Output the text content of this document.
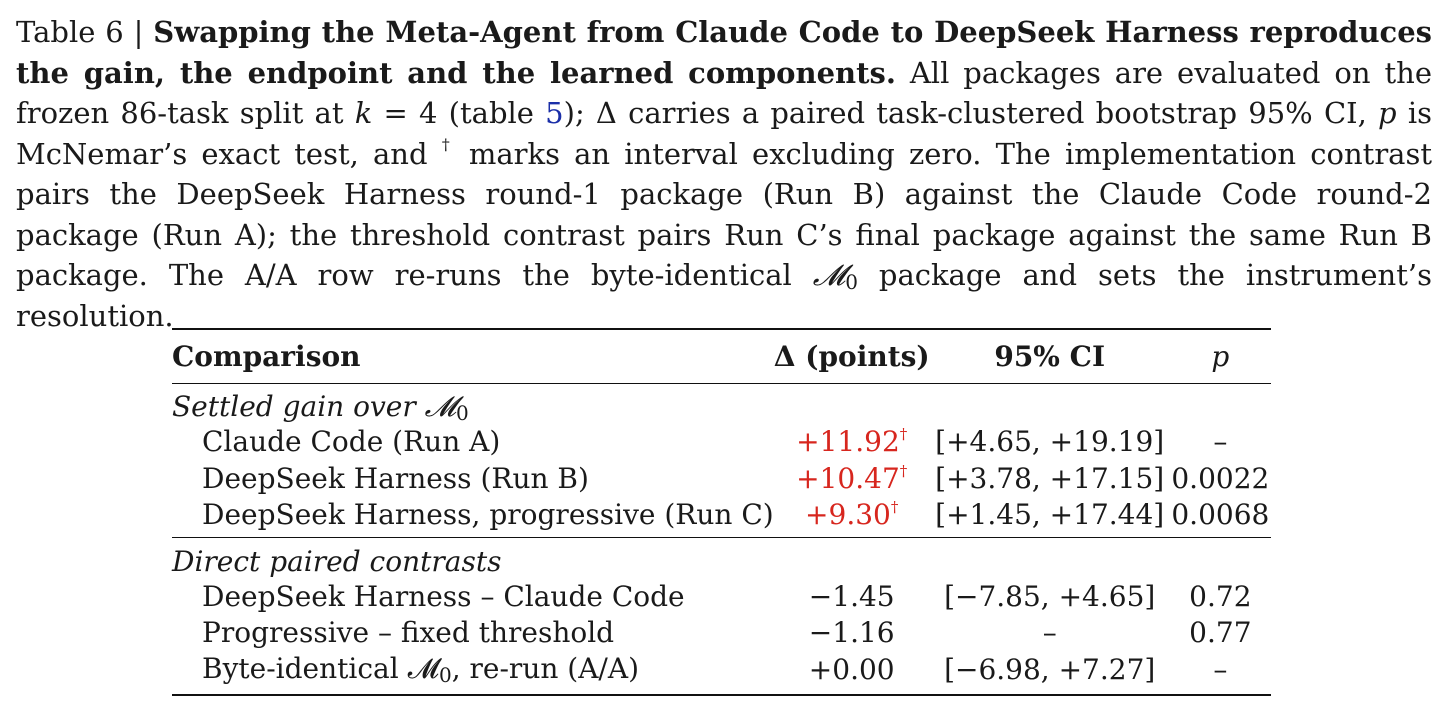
Table 6 | Swapping the Meta-Agent from Claude Code to DeepSeek Harness reproduces the gain, the endpoint and the learned components. All packages are evaluated on the frozen 86-task split at k = 4 (table 5); Δ carries a paired task-clustered bootstrap 95% CI, p is McNemar’s exact test, and † marks an interval excluding zero. The implementation contrast pairs the DeepSeek Harness round-1 package (Run B) against the Claude Code round-2 package (Run A); the threshold contrast pairs Run C’s final package against the same Run B package. The A/A row re-runs the byte-identical 𝓜$_0$ package and sets the instrument’s resolution.
Comparison	Δ (points)	95% CI	p
Settled gain over 𝓜$_0$
Claude Code (Run A)	+11.92†	[+4.65, +19.19]	–
DeepSeek Harness (Run B)	+10.47†	[+3.78, +17.15]	0.0022
DeepSeek Harness, progressive (Run C)	+9.30†	[+1.45, +17.44]	0.0068
Direct paired contrasts			
DeepSeek Harness – Claude Code	−1.45	[−7.85, +4.65]	0.72
Progressive – fixed threshold	−1.16	–	0.77
Byte-identical 𝓜$_0$, re-run (A/A)	+0.00	[−6.98, +7.27]	–
